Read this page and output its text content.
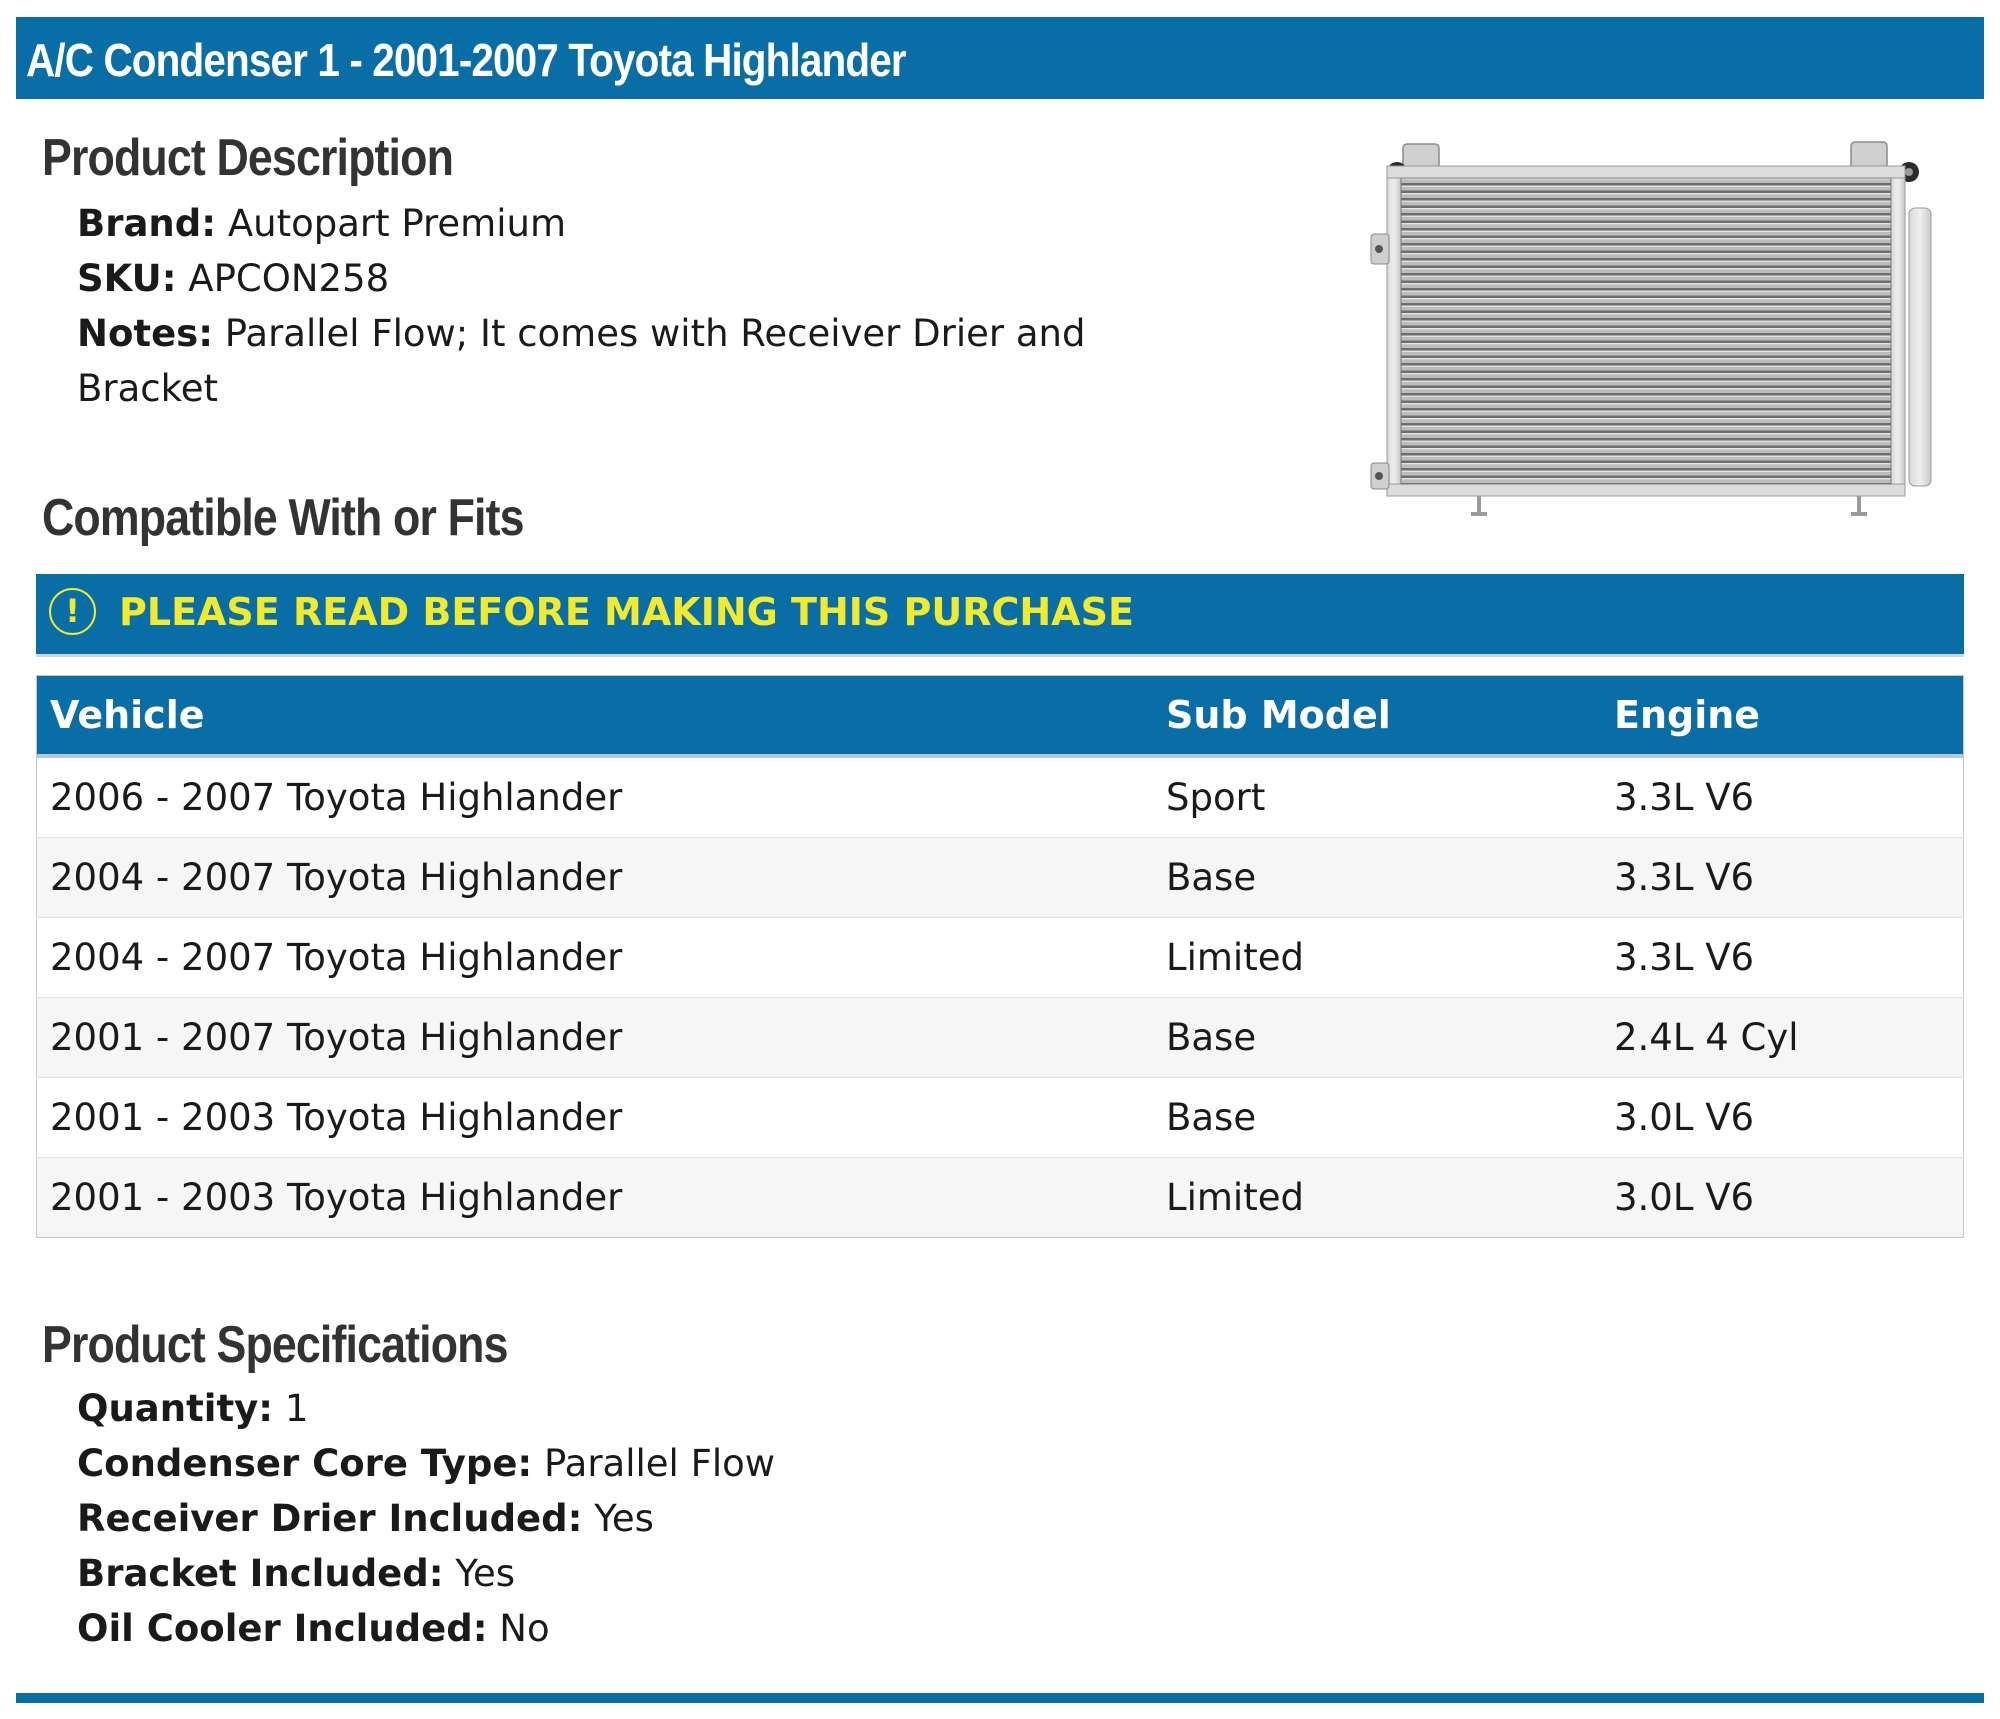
A/C Condenser 1 - 2001-2007 Toyota Highlander
Product Description
Brand: Autopart Premium
SKU: APCON258
Notes: Parallel Flow; It comes with Receiver Drier and Bracket
Compatible With or Fits
!	PLEASE READ BEFORE MAKING THIS PURCHASE
Vehicle	Sub Model	Engine
2006 - 2007 Toyota Highlander	Sport	3.3L V6
2004 - 2007 Toyota Highlander	Base	3.3L V6
2004 - 2007 Toyota Highlander	Limited	3.3L V6
2001 - 2007 Toyota Highlander	Base	2.4L 4 Cyl
2001 - 2003 Toyota Highlander	Base	3.0L V6
2001 - 2003 Toyota Highlander	Limited	3.0L V6
Product Specifications
Quantity: 1
Condenser Core Type: Parallel Flow
Receiver Drier Included: Yes
Bracket Included: Yes
Oil Cooler Included: No
